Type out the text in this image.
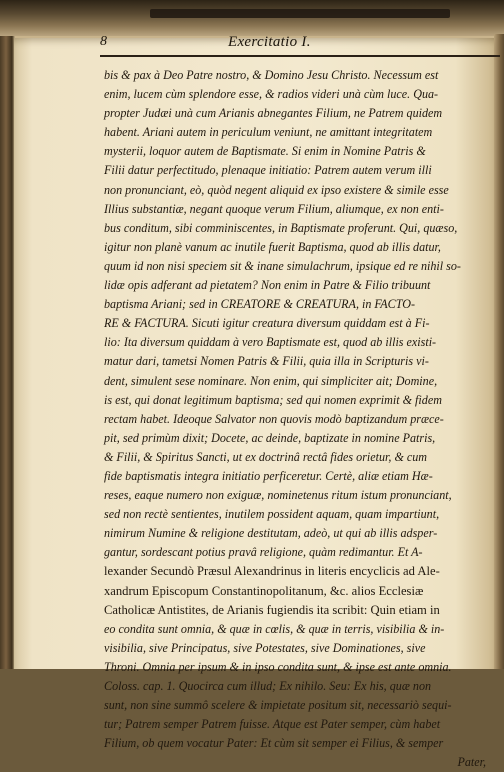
8	Exercitatio I.
bis & pax à Deo Patre nostro, & Domino Jesu Christo. Necessum est
enim, lucem cùm splendore esse, & radios videri unà cùm luce. Qua-
propter Judæi unà cum Arianis abnegantes Filium, ne Patrem quidem
habent. Ariani autem in periculum veniunt, ne amittant integritatem
mysterii, loquor autem de Baptismate. Si enim in Nomine Patris &
Filii datur perfectitudo, plenaque initiatio: Patrem autem verum illi
non pronunciant, eò, quòd negent aliquid ex ipso existere & simile esse
Illius substantiæ, negant quoque verum Filium, aliumque, ex non enti-
bus conditum, sibi comminiscentes, in Baptismate proferunt. Qui, quæso,
igitur non planè vanum ac inutile fuerit Baptisma, quod ab illis datur,
quum id non nisi speciem sit & inane simulachrum, ipsique ed re nihil so-
lidæ opis adferant ad pietatem? Non enim in Patre & Filio tribuunt
baptisma Ariani; sed in CREATORE & CREATURA, in FACTO-
RE & FACTURA. Sicuti igitur creatura diversum quiddam est à Fi-
lio: Ita diversum quiddam à vero Baptismate est, quod ab illis existi-
matur dari, tametsi Nomen Patris & Filii, quia illa in Scripturis vi-
dent, simulent sese nominare. Non enim, qui simpliciter ait; Domine,
is est, qui donat legitimum baptisma; sed qui nomen exprimit & fidem
rectam habet. Ideoque Salvator non quovis modò baptizandum præce-
pit, sed primùm dixit; Docete, ac deinde, baptizate in nomine Patris,
& Filii, & Spiritus Sancti, ut ex doctrinâ rectâ fides orietur, & cum
fide baptismatis integra initiatio perficeretur. Certè, aliæ etiam Hæ-
reses, eaque numero non exiguæ, nominetenus ritum istum pronunciant,
sed non rectè sentientes, inutilem possident aquam, quam impartiunt,
nimirum Numine & religione destitutam, adeò, ut qui ab illis adsper-
gantur, sordescant potius pravâ religione, quàm redimantur. Et A-
lexander Secundò Præsul Alexandrinus in literis encyclicis ad Ale-
xandrum Episcopum Constantinopolitanum, &c. alios Ecclesiæ
Catholicæ Antistites, de Arianis fugiendis ita scribit: Quin etiam in
eo condita sunt omnia, & quæ in cœlis, & quæ in terris, visibilia & in-
visibilia, sive Principatus, sive Potestates, sive Dominationes, sive
Throni. Omnia per ipsum & in ipso condita sunt, & ipse est ante omnia.
Coloss. cap. 1. Quocirca cum illud; Ex nihilo. Seu: Ex his, quæ non
sunt, non sine summô scelere & impietate positum sit, necessariò sequi-
tur; Patrem semper Patrem fuisse. Atque est Pater semper, cùm habet
Filium, ob quem vocatur Pater: Et cùm sit semper ei Filius, & semper
Pater,
